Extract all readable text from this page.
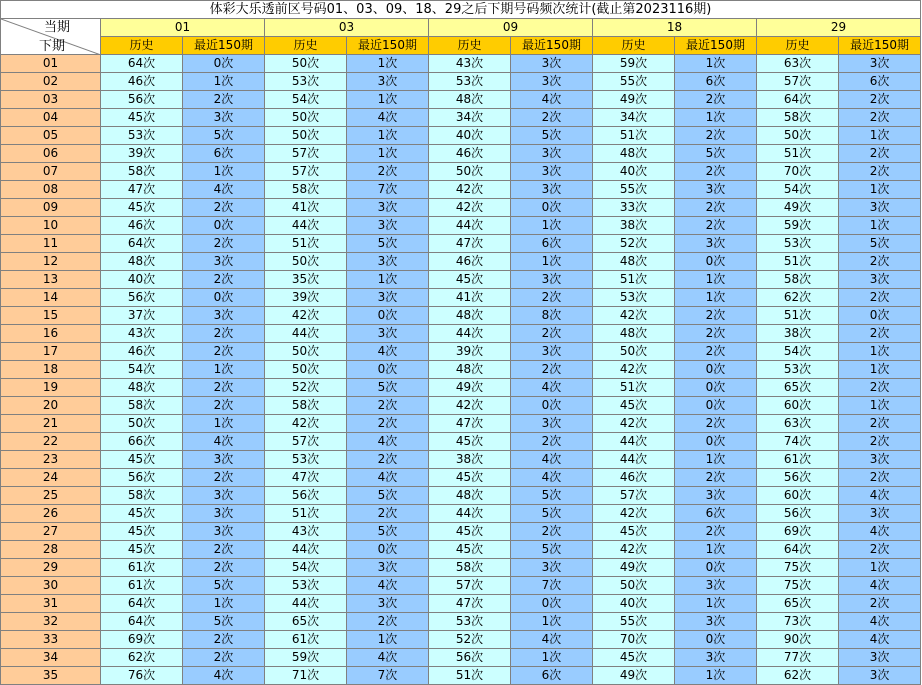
体彩大乐透前区号码01、03、09、18、29之后下期号码频次统计(截止第2023116期)										

当期
下期	01		03		09		18		29	
	历史	最近150期	历史	最近150期	历史	最近150期	历史	最近150期	历史	最近150期
01	64次	0次	50次	1次	43次	3次	59次	1次	63次	3次
02	46次	1次	53次	3次	53次	3次	55次	6次	57次	6次
03	56次	2次	54次	1次	48次	4次	49次	2次	64次	2次
04	45次	3次	50次	4次	34次	2次	34次	1次	58次	2次
05	53次	5次	50次	1次	40次	5次	51次	2次	50次	1次
06	39次	6次	57次	1次	46次	3次	48次	5次	51次	2次
07	58次	1次	57次	2次	50次	3次	40次	2次	70次	2次
08	47次	4次	58次	7次	42次	3次	55次	3次	54次	1次
09	45次	2次	41次	3次	42次	0次	33次	2次	49次	3次
10	46次	0次	44次	3次	44次	1次	38次	2次	59次	1次
11	64次	2次	51次	5次	47次	6次	52次	3次	53次	5次
12	48次	3次	50次	3次	46次	1次	48次	0次	51次	2次
13	40次	2次	35次	1次	45次	3次	51次	1次	58次	3次
14	56次	0次	39次	3次	41次	2次	53次	1次	62次	2次
15	37次	3次	42次	0次	48次	8次	42次	2次	51次	0次
16	43次	2次	44次	3次	44次	2次	48次	2次	38次	2次
17	46次	2次	50次	4次	39次	3次	50次	2次	54次	1次
18	54次	1次	50次	0次	48次	2次	42次	0次	53次	1次
19	48次	2次	52次	5次	49次	4次	51次	0次	65次	2次
20	58次	2次	58次	2次	42次	0次	45次	0次	60次	1次
21	50次	1次	42次	2次	47次	3次	42次	2次	63次	2次
22	66次	4次	57次	4次	45次	2次	44次	0次	74次	2次
23	45次	3次	53次	2次	38次	4次	44次	1次	61次	3次
24	56次	2次	47次	4次	45次	4次	46次	2次	56次	2次
25	58次	3次	56次	5次	48次	5次	57次	3次	60次	4次
26	45次	3次	51次	2次	44次	5次	42次	6次	56次	3次
27	45次	3次	43次	5次	45次	2次	45次	2次	69次	4次
28	45次	2次	44次	0次	45次	5次	42次	1次	64次	2次
29	61次	2次	54次	3次	58次	3次	49次	0次	75次	1次
30	61次	5次	53次	4次	57次	7次	50次	3次	75次	4次
31	64次	1次	44次	3次	47次	0次	40次	1次	65次	2次
32	64次	5次	65次	2次	53次	1次	55次	3次	73次	4次
33	69次	2次	61次	1次	52次	4次	70次	0次	90次	4次
34	62次	2次	59次	4次	56次	1次	45次	3次	77次	3次
35	76次	4次	71次	7次	51次	6次	49次	1次	62次	3次
